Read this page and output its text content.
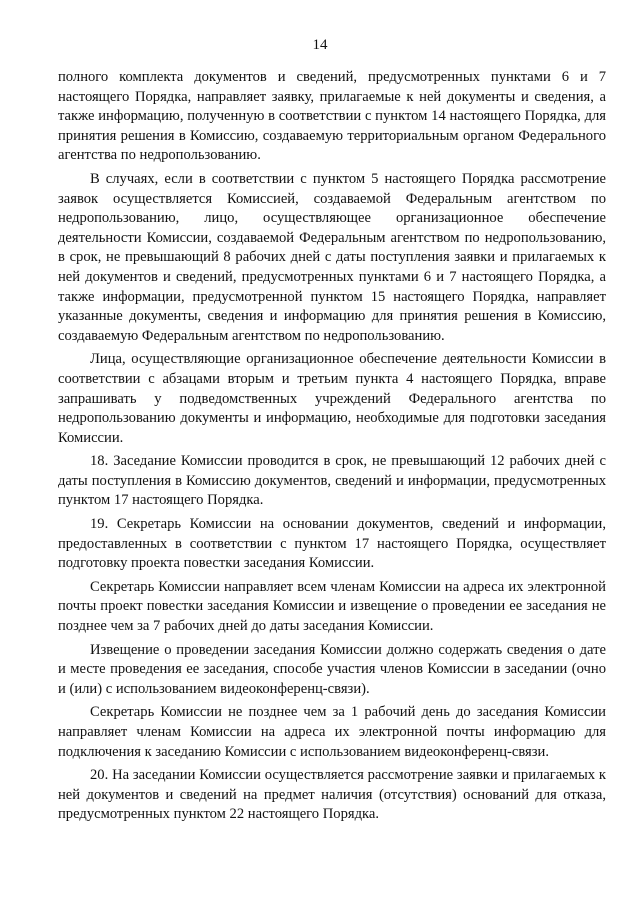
14

полного комплекта документов и сведений, предусмотренных пунктами 6 и 7 настоящего Порядка, направляет заявку, прилагаемые к ней документы и сведения, а также информацию, полученную в соответствии с пунктом 14 настоящего Порядка, для принятия решения в Комиссию, создаваемую территориальным органом Федерального агентства по недропользованию.

В случаях, если в соответствии с пунктом 5 настоящего Порядка рассмотрение заявок осуществляется Комиссией, создаваемой Федеральным агентством по недропользованию, лицо, осуществляющее организационное обеспечение деятельности Комиссии, создаваемой Федеральным агентством по недропользованию, в срок, не превышающий 8 рабочих дней с даты поступления заявки и прилагаемых к ней документов и сведений, предусмотренных пунктами 6 и 7 настоящего Порядка, а также информации, предусмотренной пунктом 15 настоящего Порядка, направляет указанные документы, сведения и информацию для принятия решения в Комиссию, создаваемую Федеральным агентством по недропользованию.

Лица, осуществляющие организационное обеспечение деятельности Комиссии в соответствии с абзацами вторым и третьим пункта 4 настоящего Порядка, вправе запрашивать у подведомственных учреждений Федерального агентства по недропользованию документы и информацию, необходимые для подготовки заседания Комиссии.

18. Заседание Комиссии проводится в срок, не превышающий 12 рабочих дней с даты поступления в Комиссию документов, сведений и информации, предусмотренных пунктом 17 настоящего Порядка.

19. Секретарь Комиссии на основании документов, сведений и информации, предоставленных в соответствии с пунктом 17 настоящего Порядка, осуществляет подготовку проекта повестки заседания Комиссии.

Секретарь Комиссии направляет всем членам Комиссии на адреса их электронной почты проект повестки заседания Комиссии и извещение о проведении ее заседания не позднее чем за 7 рабочих дней до даты заседания Комиссии.

Извещение о проведении заседания Комиссии должно содержать сведения о дате и месте проведения ее заседания, способе участия членов Комиссии в заседании (очно и (или) с использованием видеоконференц-связи).

Секретарь Комиссии не позднее чем за 1 рабочий день до заседания Комиссии направляет членам Комиссии на адреса их электронной почты информацию для подключения к заседанию Комиссии с использованием видеоконференц-связи.

20. На заседании Комиссии осуществляется рассмотрение заявки и прилагаемых к ней документов и сведений на предмет наличия (отсутствия) оснований для отказа, предусмотренных пунктом 22 настоящего Порядка.
